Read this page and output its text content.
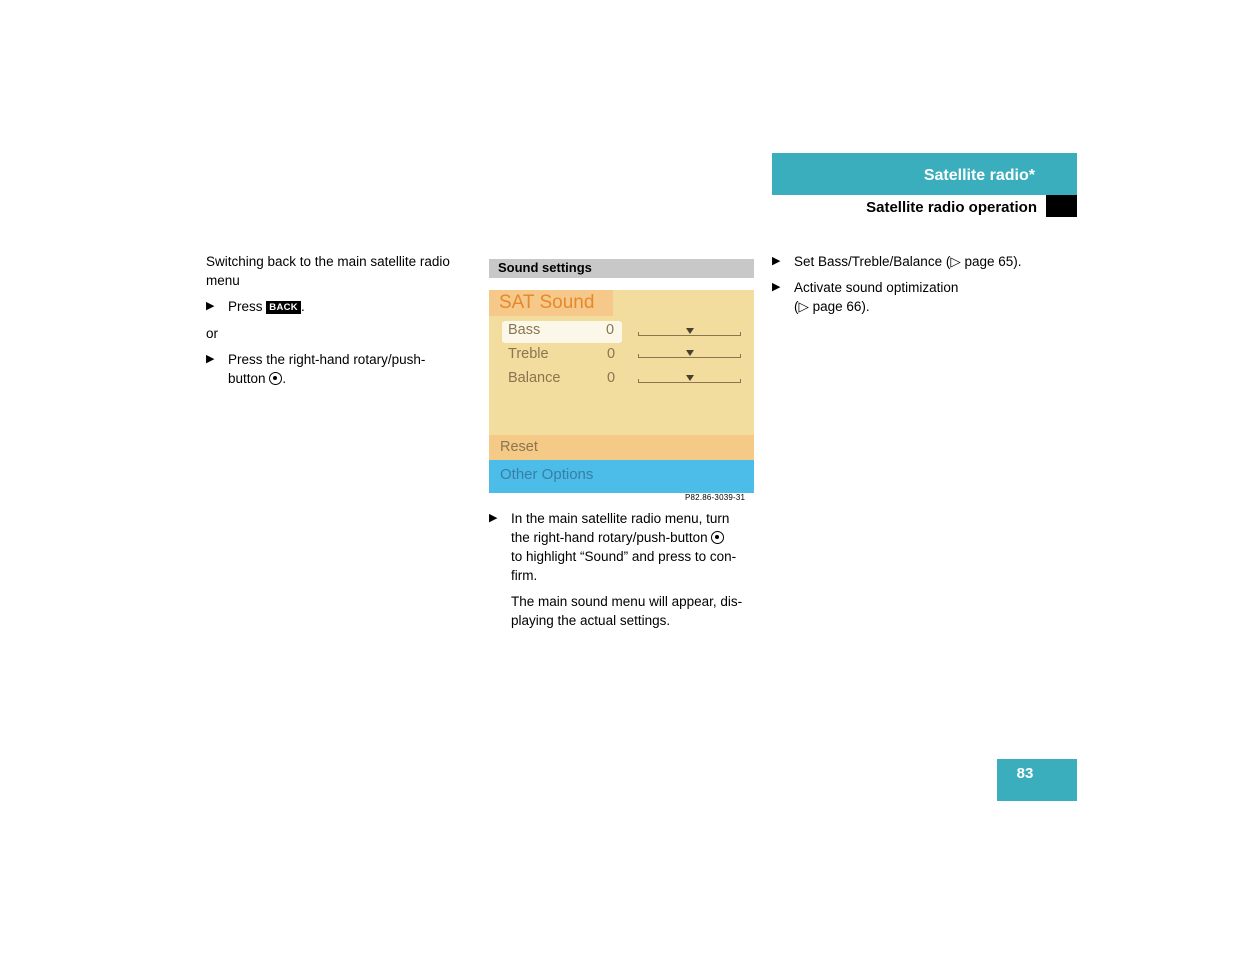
Satellite radio*
Satellite radio operation
Switching back to the main satellite radio menu
▶ Press BACK .
or
▶ Press the right-hand rotary/push-
button .
Sound settings
SAT Sound
Bass	0
Treble	0
Balance	0
Reset
Other Options
P82.86-3039-31
▶ In the main satellite radio menu, turn
the right-hand rotary/push-button
to highlight “Sound” and press to con-
firm.
The main sound menu will appear, dis-
playing the actual settings.
▶ Set Bass/Treble/Balance (▷ page 65).
▶ Activate sound optimization
(▷ page 66).
83
